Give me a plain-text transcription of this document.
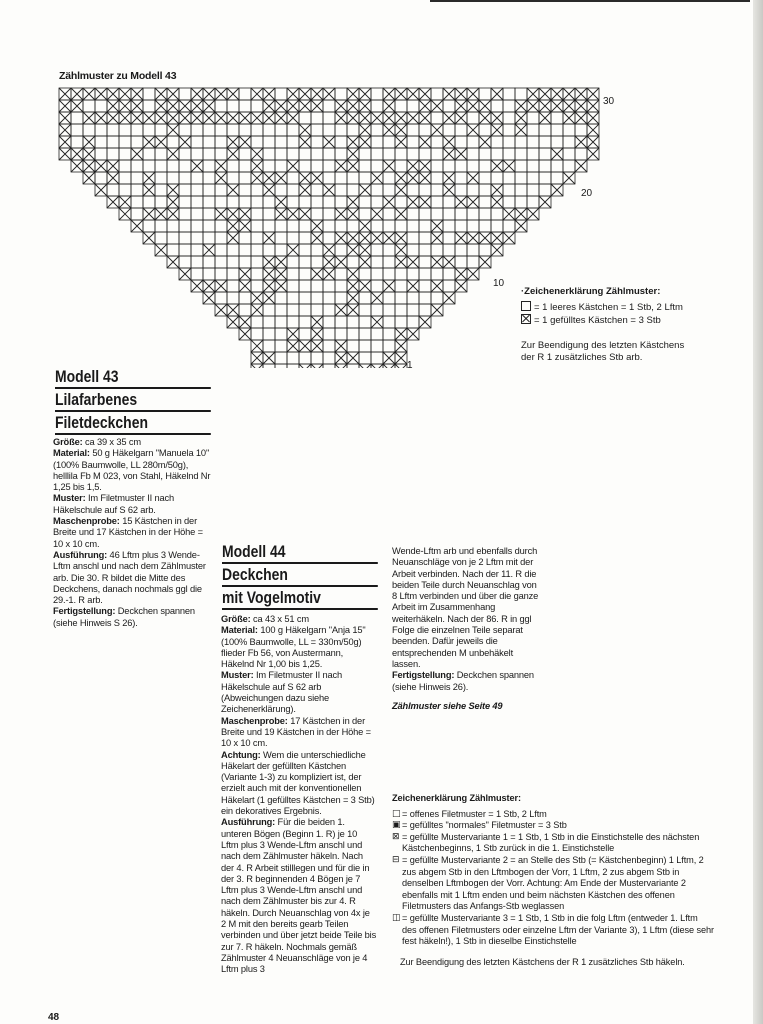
Zählmuster zu Modell 43
30
20
10
1
·Zeichenerklärung Zählmuster:
= 1 leeres Kästchen = 1 Stb, 2 Lftm
= 1 gefülltes Kästchen = 3 Stb
Zur Beendigung des letzten Kästchens der R 1 zusätzliches Stb arb.
Modell 43
Lilafarbenes
Filetdeckchen

Größe: ca 39 x 35 cm

Material: 50 g Häkelgarn "Manuela 10" (100% Baumwolle, LL 280m/50g), helllila Fb M 023, von Stahl, Häkelnd Nr 1,25 bis 1,5.

Muster: Im Filetmuster II nach Häkelschule auf S 62 arb.

Maschenprobe: 15 Kästchen in der Breite und 17 Kästchen in der Höhe = 10 x 10 cm.

Ausführung: 46 Lftm plus 3 Wende-Lftm anschl und nach dem Zählmuster arb. Die 30. R bildet die Mitte des Deckchens, danach nochmals ggl die 29.-1. R arb.

Fertigstellung: Deckchen spannen (siehe Hinweis S 26).

Modell 44
Deckchen
mit Vogelmotiv

Größe: ca 43 x 51 cm

Material: 100 g Häkelgarn "Anja 15" (100% Baumwolle, LL = 330m/50g) flieder Fb 56, von Austermann, Häkelnd Nr 1,00 bis 1,25.

Muster: Im Filetmuster II nach Häkelschule auf S 62 arb (Abweichungen dazu siehe Zeichenerklärung).

Maschenprobe: 17 Kästchen in der Breite und 19 Kästchen in der Höhe = 10 x 10 cm.

Achtung: Wem die unterschiedliche Häkelart der gefüllten Kästchen (Variante 1-3) zu kompliziert ist, der erzielt auch mit der konventionellen Häkelart (1 gefülltes Kästchen = 3 Stb) ein dekoratives Ergebnis.

Ausführung: Für die beiden 1. unteren Bögen (Beginn 1. R) je 10 Lftm plus 3 Wende-Lftm anschl und nach dem Zählmuster häkeln. Nach der 4. R Arbeit stilllegen und für die in der 3. R beginnenden 4 Bögen je 7 Lftm plus 3 Wende-Lftm anschl und nach dem Zählmuster bis zur 4. R häkeln. Durch Neuanschlag von 4x je 2 M mit den bereits gearb Teilen verbinden und über jetzt beide Teile bis zur 7. R häkeln. Nochmals gemäß Zählmuster 4 Neuanschläge von je 4 Lftm plus 3

Wende-Lftm arb und ebenfalls durch Neuanschläge von je 2 Lftm mit der Arbeit verbinden. Nach der 11. R die beiden Teile durch Neuanschlag von 8 Lftm verbinden und über die ganze Arbeit im Zusammenhang weiterhäkeln. Nach der 86. R in ggl Folge die einzelnen Teile separat beenden. Dafür jeweils die entsprechenden M unbehäkelt lassen.

Fertigstellung: Deckchen spannen (siehe Hinweis 26).

Zählmuster siehe Seite 49

Zeichenerklärung Zählmuster:
□ = offenes Filetmuster = 1 Stb, 2 Lftm
▣ = gefülltes "normales" Filetmuster = 3 Stb
⊠ = gefüllte Mustervariante 1 = 1 Stb, 1 Stb in die Einstichstelle des nächsten Kästchenbeginns, 1 Stb zurück in die 1. Einstichstelle
⊟ = gefüllte Mustervariante 2 = an Stelle des Stb (= Kästchenbeginn) 1 Lftm, 2 zus abgem Stb in den Lftmbogen der Vorr, 1 Lftm, 2 zus abgem Stb in denselben Lftmbogen der Vorr. Achtung: Am Ende der Mustervariante 2 ebenfalls mit 1 Lftm enden und beim nächsten Kästchen des offenen Filetmusters das Anfangs-Stb weglassen
◫ = gefüllte Mustervariante 3 = 1 Stb, 1 Stb in die folg Lftm (entweder 1. Lftm des offenen Filetmusters oder einzelne Lftm der Variante 3), 1 Lftm (diese sehr fest häkeln!), 1 Stb in dieselbe Einstichstelle
Zur Beendigung des letzten Kästchens der R 1 zusätzliches Stb häkeln.
48
